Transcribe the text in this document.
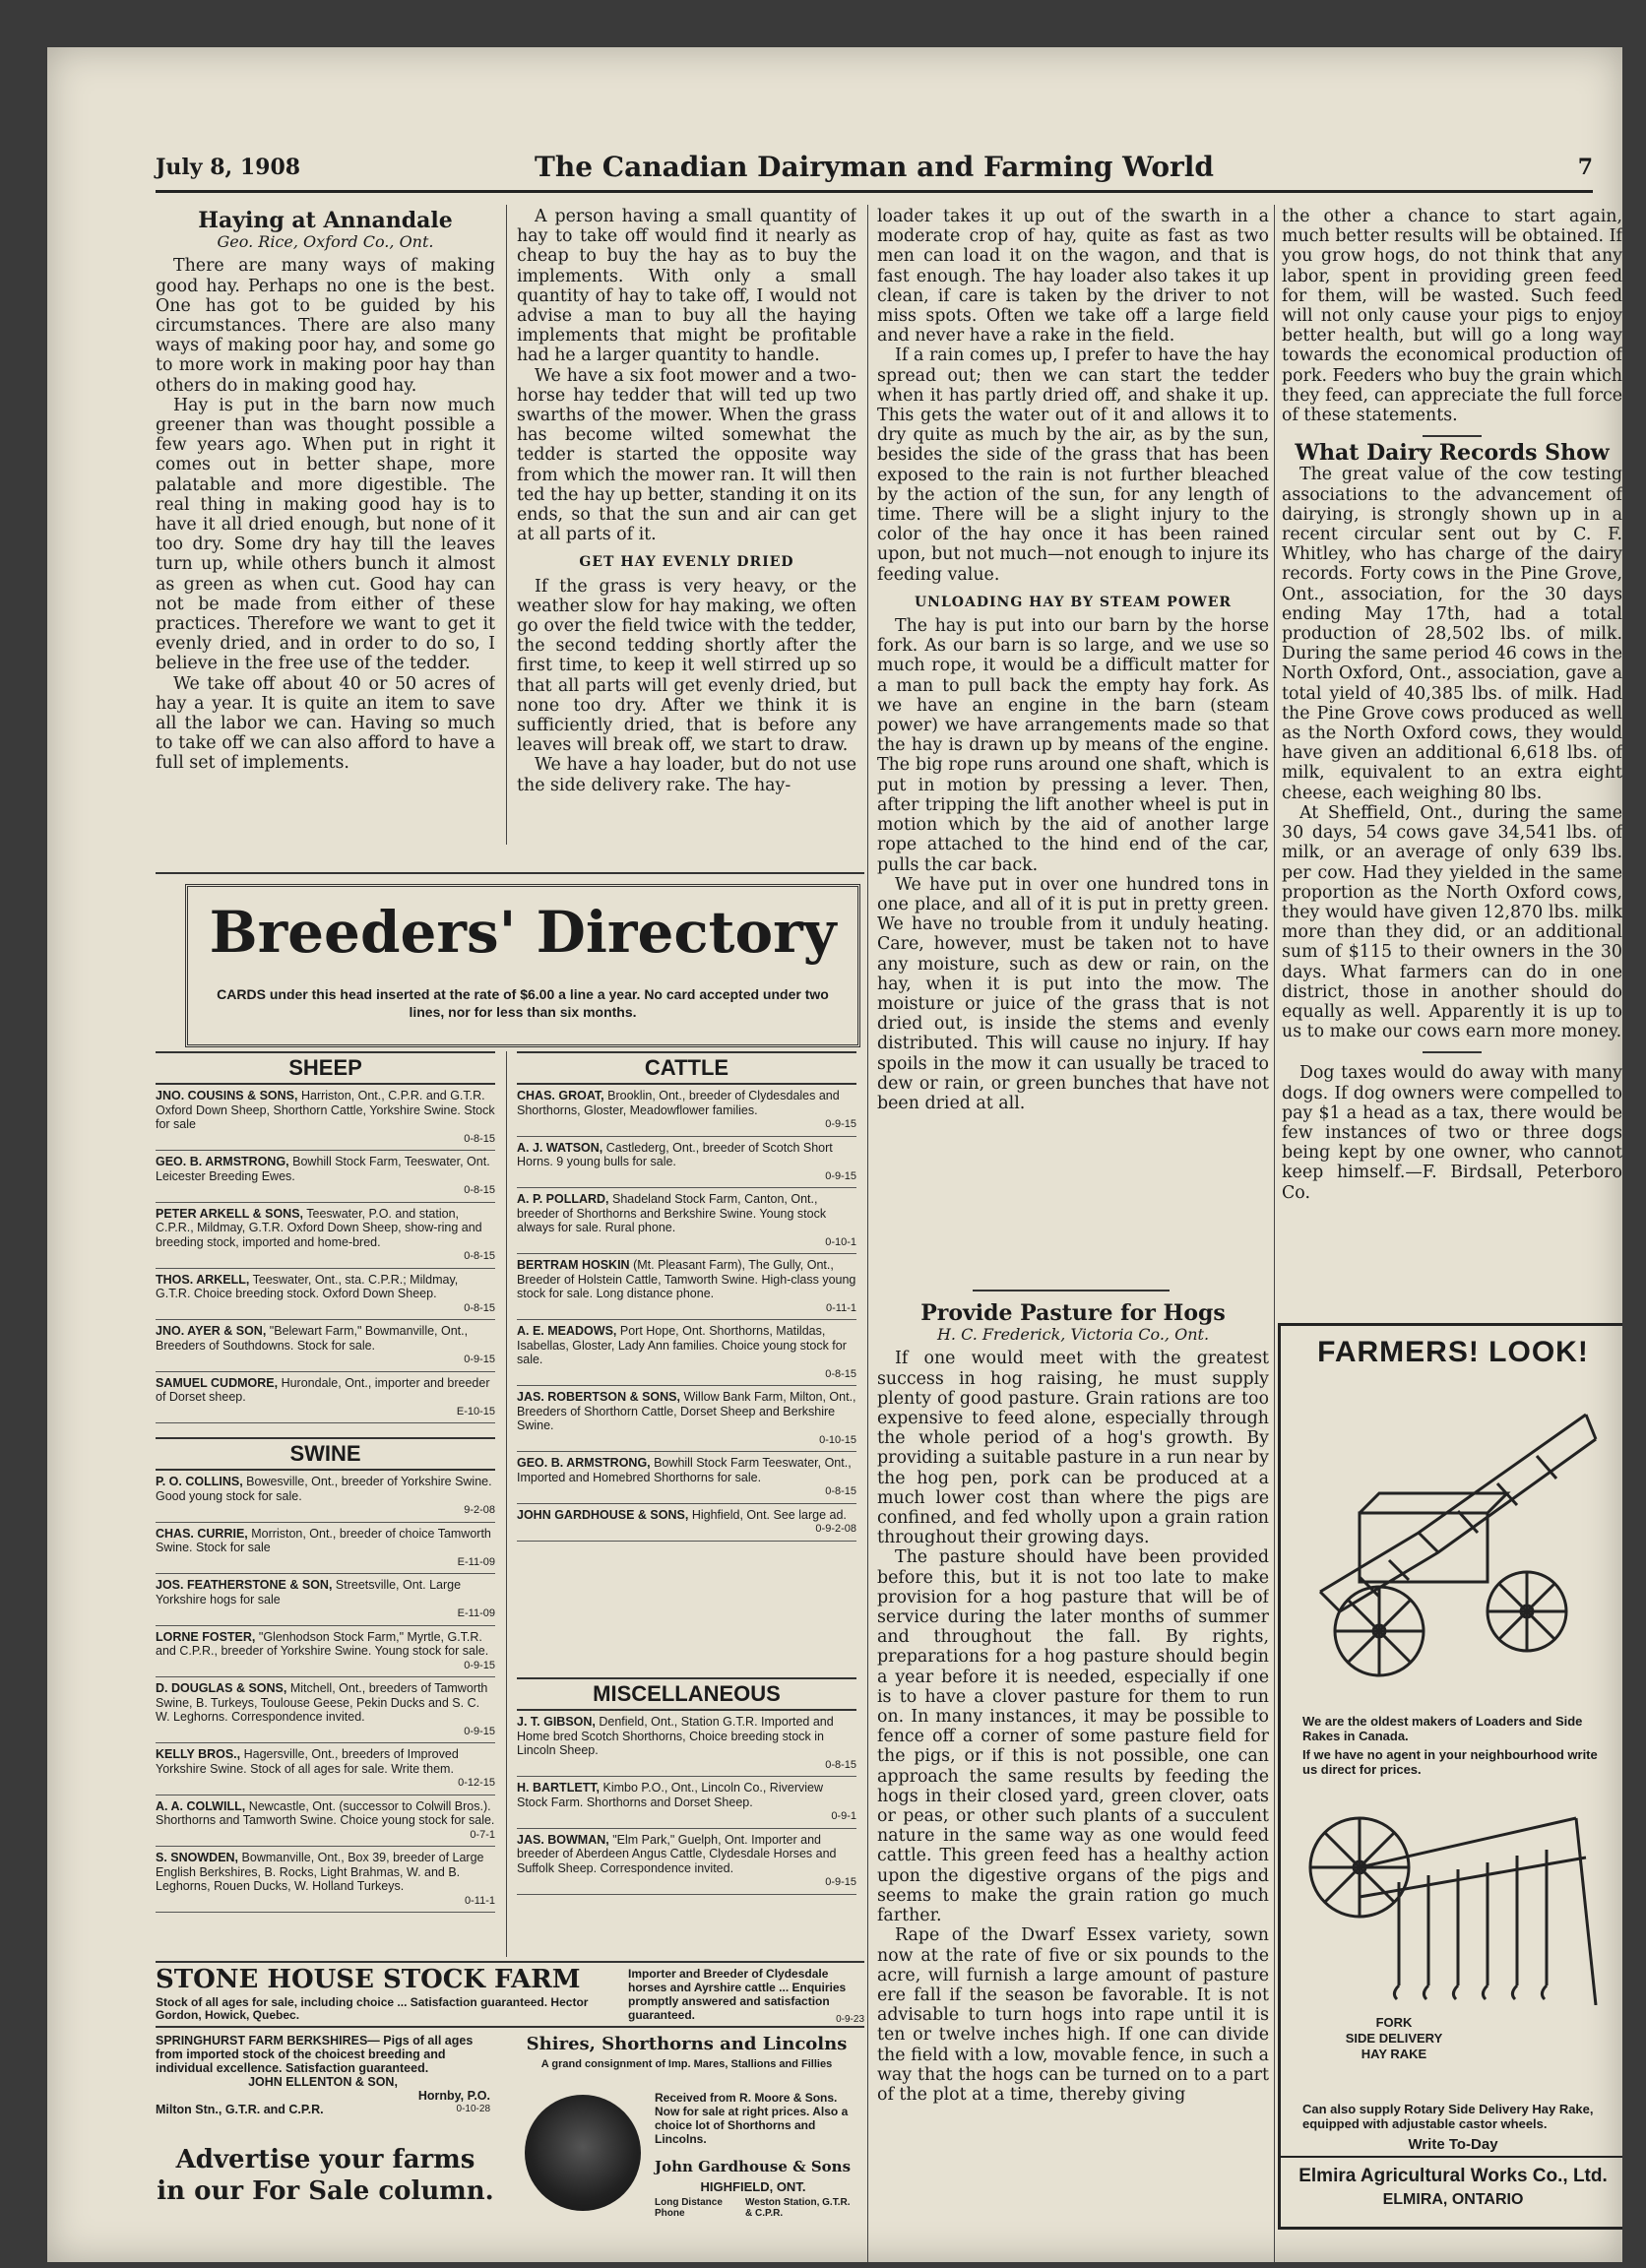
July 8, 1908	The Canadian Dairyman and Farming World	7
Haying at Annandale
Geo. Rice, Oxford Co., Ont.

There are many ways of making good hay. Perhaps no one is the best. One has got to be guided by his circumstances. There are also many ways of making poor hay, and some go to more work in making poor hay than others do in making good hay.

Hay is put in the barn now much greener than was thought possible a few years ago. When put in right it comes out in better shape, more palatable and more digestible. The real thing in making good hay is to have it all dried enough, but none of it too dry. Some dry hay till the leaves turn up, while others bunch it almost as green as when cut. Good hay can not be made from either of these practices. Therefore we want to get it evenly dried, and in order to do so, I believe in the free use of the tedder.

We take off about 40 or 50 acres of hay a year. It is quite an item to save all the labor we can. Having so much to take off we can also afford to have a full set of implements.

A person having a small quantity of hay to take off would find it nearly as cheap to buy the hay as to buy the implements. With only a small quantity of hay to take off, I would not advise a man to buy all the haying implements that might be profitable had he a larger quantity to handle.

We have a six foot mower and a two-horse hay tedder that will ted up two swarths of the mower. When the grass has become wilted somewhat the tedder is started the opposite way from which the mower ran. It will then ted the hay up better, standing it on its ends, so that the sun and air can get at all parts of it.

GET HAY EVENLY DRIED

If the grass is very heavy, or the weather slow for hay making, we often go over the field twice with the tedder, the second tedding shortly after the first time, to keep it well stirred up so that all parts will get evenly dried, but none too dry. After we think it is sufficiently dried, that is before any leaves will break off, we start to draw.

We have a hay loader, but do not use the side delivery rake. The hay-

loader takes it up out of the swarth in a moderate crop of hay, quite as fast as two men can load it on the wagon, and that is fast enough. The hay loader also takes it up clean, if care is taken by the driver to not miss spots. Often we take off a large field and never have a rake in the field.

If a rain comes up, I prefer to have the hay spread out; then we can start the tedder when it has partly dried off, and shake it up. This gets the water out of it and allows it to dry quite as much by the air, as by the sun, besides the side of the grass that has been exposed to the rain is not further bleached by the action of the sun, for any length of time. There will be a slight injury to the color of the hay once it has been rained upon, but not much—not enough to injure its feeding value.

UNLOADING HAY BY STEAM POWER

The hay is put into our barn by the horse fork. As our barn is so large, and we use so much rope, it would be a difficult matter for a man to pull back the empty hay fork. As we have an engine in the barn (steam power) we have arrangements made so that the hay is drawn up by means of the engine. The big rope runs around one shaft, which is put in motion by pressing a lever. Then, after tripping the lift another wheel is put in motion which by the aid of another large rope attached to the hind end of the car, pulls the car back.

We have put in over one hundred tons in one place, and all of it is put in pretty green. We have no trouble from it unduly heating. Care, however, must be taken not to have any moisture, such as dew or rain, on the hay, when it is put into the mow. The moisture or juice of the grass that is not dried out, is inside the stems and evenly distributed. This will cause no injury. If hay spoils in the mow it can usually be traced to dew or rain, or green bunches that have not been dried at all.

Provide Pasture for Hogs
H. C. Frederick, Victoria Co., Ont.

If one would meet with the greatest success in hog raising, he must supply plenty of good pasture. Grain rations are too expensive to feed alone, especially through the whole period of a hog's growth. By providing a suitable pasture in a run near by the hog pen, pork can be produced at a much lower cost than where the pigs are confined, and fed wholly upon a grain ration throughout their growing days.

The pasture should have been provided before this, but it is not too late to make provision for a hog pasture that will be of service during the later months of summer and throughout the fall. By rights, preparations for a hog pasture should begin a year before it is needed, especially if one is to have a clover pasture for them to run on. In many instances, it may be possible to fence off a corner of some pasture field for the pigs, or if this is not possible, one can approach the same results by feeding the hogs in their closed yard, green clover, oats or peas, or other such plants of a succulent nature in the same way as one would feed cattle. This green feed has a healthy action upon the digestive organs of the pigs and seems to make the grain ration go much farther.

Rape of the Dwarf Essex variety, sown now at the rate of five or six pounds to the acre, will furnish a large amount of pasture ere fall if the season be favorable. It is not advisable to turn hogs into rape until it is ten or twelve inches high. If one can divide the field with a low, movable fence, in such a way that the hogs can be turned on to a part of the plot at a time, thereby giving

the other a chance to start again, much better results will be obtained. If you grow hogs, do not think that any labor, spent in providing green feed for them, will be wasted. Such feed will not only cause your pigs to enjoy better health, but will go a long way towards the economical production of pork. Feeders who buy the grain which they feed, can appreciate the full force of these statements.

What Dairy Records Show

The great value of the cow testing associations to the advancement of dairying, is strongly shown up in a recent circular sent out by C. F. Whitley, who has charge of the dairy records. Forty cows in the Pine Grove, Ont., association, for the 30 days ending May 17th, had a total production of 28,502 lbs. of milk. During the same period 46 cows in the North Oxford, Ont., association, gave a total yield of 40,385 lbs. of milk. Had the Pine Grove cows produced as well as the North Oxford cows, they would have given an additional 6,618 lbs. of milk, equivalent to an extra eight cheese, each weighing 80 lbs.

At Sheffield, Ont., during the same 30 days, 54 cows gave 34,541 lbs. of milk, or an average of only 639 lbs. per cow. Had they yielded in the same proportion as the North Oxford cows, they would have given 12,870 lbs. milk more than they did, or an additional sum of $115 to their owners in the 30 days. What farmers can do in one district, those in another should do equally as well. Apparently it is up to us to make our cows earn more money.

Dog taxes would do away with many dogs. If dog owners were compelled to pay $1 a head as a tax, there would be few instances of two or three dogs being kept by one owner, who cannot keep himself.—F. Birdsall, Peterboro Co.

Breeders' Directory
CARDS under this head inserted at the rate of $6.00 a line a year. No card accepted under two lines, nor for less than six months.
SHEEP
JNO. COUSINS & SONS, Harriston, Ont., C.P.R. and G.T.R. Oxford Down Sheep, Shorthorn Cattle, Yorkshire Swine. Stock for sale
0-8-15
GEO. B. ARMSTRONG, Bowhill Stock Farm, Teeswater, Ont. Leicester Breeding Ewes.
0-8-15
PETER ARKELL & SONS, Teeswater, P.O. and station, C.P.R., Mildmay, G.T.R. Oxford Down Sheep, show-ring and breeding stock, imported and home-bred.
0-8-15
THOS. ARKELL, Teeswater, Ont., sta. C.P.R.; Mildmay, G.T.R. Choice breeding stock. Oxford Down Sheep.
0-8-15
JNO. AYER & SON, "Belewart Farm," Bowmanville, Ont., Breeders of Southdowns. Stock for sale.
0-9-15
SAMUEL CUDMORE, Hurondale, Ont., importer and breeder of Dorset sheep.
E-10-15
SWINE
P. O. COLLINS, Bowesville, Ont., breeder of Yorkshire Swine. Good young stock for sale.
9-2-08
CHAS. CURRIE, Morriston, Ont., breeder of choice Tamworth Swine. Stock for sale
E-11-09
JOS. FEATHERSTONE & SON, Streetsville, Ont. Large Yorkshire hogs for sale
E-11-09
LORNE FOSTER, "Glenhodson Stock Farm," Myrtle, G.T.R. and C.P.R., breeder of Yorkshire Swine. Young stock for sale.
0-9-15
D. DOUGLAS & SONS, Mitchell, Ont., breeders of Tamworth Swine, B. Turkeys, Toulouse Geese, Pekin Ducks and S. C. W. Leghorns. Correspondence invited.
0-9-15
KELLY BROS., Hagersville, Ont., breeders of Improved Yorkshire Swine. Stock of all ages for sale. Write them.
0-12-15
A. A. COLWILL, Newcastle, Ont. (successor to Colwill Bros.). Shorthorns and Tamworth Swine. Choice young stock for sale.
0-7-1
S. SNOWDEN, Bowmanville, Ont., Box 39, breeder of Large English Berkshires, B. Rocks, Light Brahmas, W. and B. Leghorns, Rouen Ducks, W. Holland Turkeys.
0-11-1
CATTLE
CHAS. GROAT, Brooklin, Ont., breeder of Clydesdales and Shorthorns, Gloster, Meadowflower families.
0-9-15
A. J. WATSON, Castlederg, Ont., breeder of Scotch Short Horns. 9 young bulls for sale.
0-9-15
A. P. POLLARD, Shadeland Stock Farm, Canton, Ont., breeder of Shorthorns and Berkshire Swine. Young stock always for sale. Rural phone.
0-10-1
BERTRAM HOSKIN (Mt. Pleasant Farm), The Gully, Ont., Breeder of Holstein Cattle, Tamworth Swine. High-class young stock for sale. Long distance phone.
0-11-1
A. E. MEADOWS, Port Hope, Ont. Shorthorns, Matildas, Isabellas, Gloster, Lady Ann families. Choice young stock for sale.
0-8-15
JAS. ROBERTSON & SONS, Willow Bank Farm, Milton, Ont., Breeders of Shorthorn Cattle, Dorset Sheep and Berkshire Swine.
0-10-15
GEO. B. ARMSTRONG, Bowhill Stock Farm Teeswater, Ont., Imported and Homebred Shorthorns for sale.
0-8-15
JOHN GARDHOUSE & SONS, Highfield, Ont. See large ad.
0-9-2-08
MISCELLANEOUS
J. T. GIBSON, Denfield, Ont., Station G.T.R. Imported and Home bred Scotch Shorthorns, Choice breeding stock in Lincoln Sheep.
0-8-15
H. BARTLETT, Kimbo P.O., Ont., Lincoln Co., Riverview Stock Farm. Shorthorns and Dorset Sheep.
0-9-1
JAS. BOWMAN, "Elm Park," Guelph, Ont. Importer and breeder of Aberdeen Angus Cattle, Clydesdale Horses and Suffolk Sheep. Correspondence invited.
0-9-15
STONE HOUSE STOCK FARM
Stock of all ages for sale, including choice ... Satisfaction guaranteed. Hector Gordon, Howick, Quebec.
Importer and Breeder of Clydesdale horses and Ayrshire cattle ... Enquiries promptly answered and satisfaction guaranteed.	0-9-23
SPRINGHURST FARM BERKSHIRES— Pigs of all ages from imported stock of the choicest breeding and individual excellence. Satisfaction guaranteed.
JOHN ELLENTON & SON,
Hornby, P.O.
Milton Stn., G.T.R. and C.P.R.	0-10-28
Advertise your farms
in our For Sale column.
Shires, Shorthorns and Lincolns
A grand consignment of Imp. Mares, Stallions and Fillies
Received from R. Moore & Sons. Now for sale at right prices. Also a choice lot of Shorthorns and Lincolns.
John Gardhouse & Sons
HIGHFIELD, ONT.
Long Distance Phone
Weston Station, G.T.R. & C.P.R.
FARMERS! LOOK!
We are the oldest makers of Loaders and Side Rakes in Canada.
If we have no agent in your neighbourhood write us direct for prices.
FORK
SIDE DELIVERY
HAY RAKE
Can also supply Rotary Side Delivery Hay Rake, equipped with adjustable castor wheels.
Write To-Day
Elmira Agricultural Works Co., Ltd.
ELMIRA, ONTARIO
